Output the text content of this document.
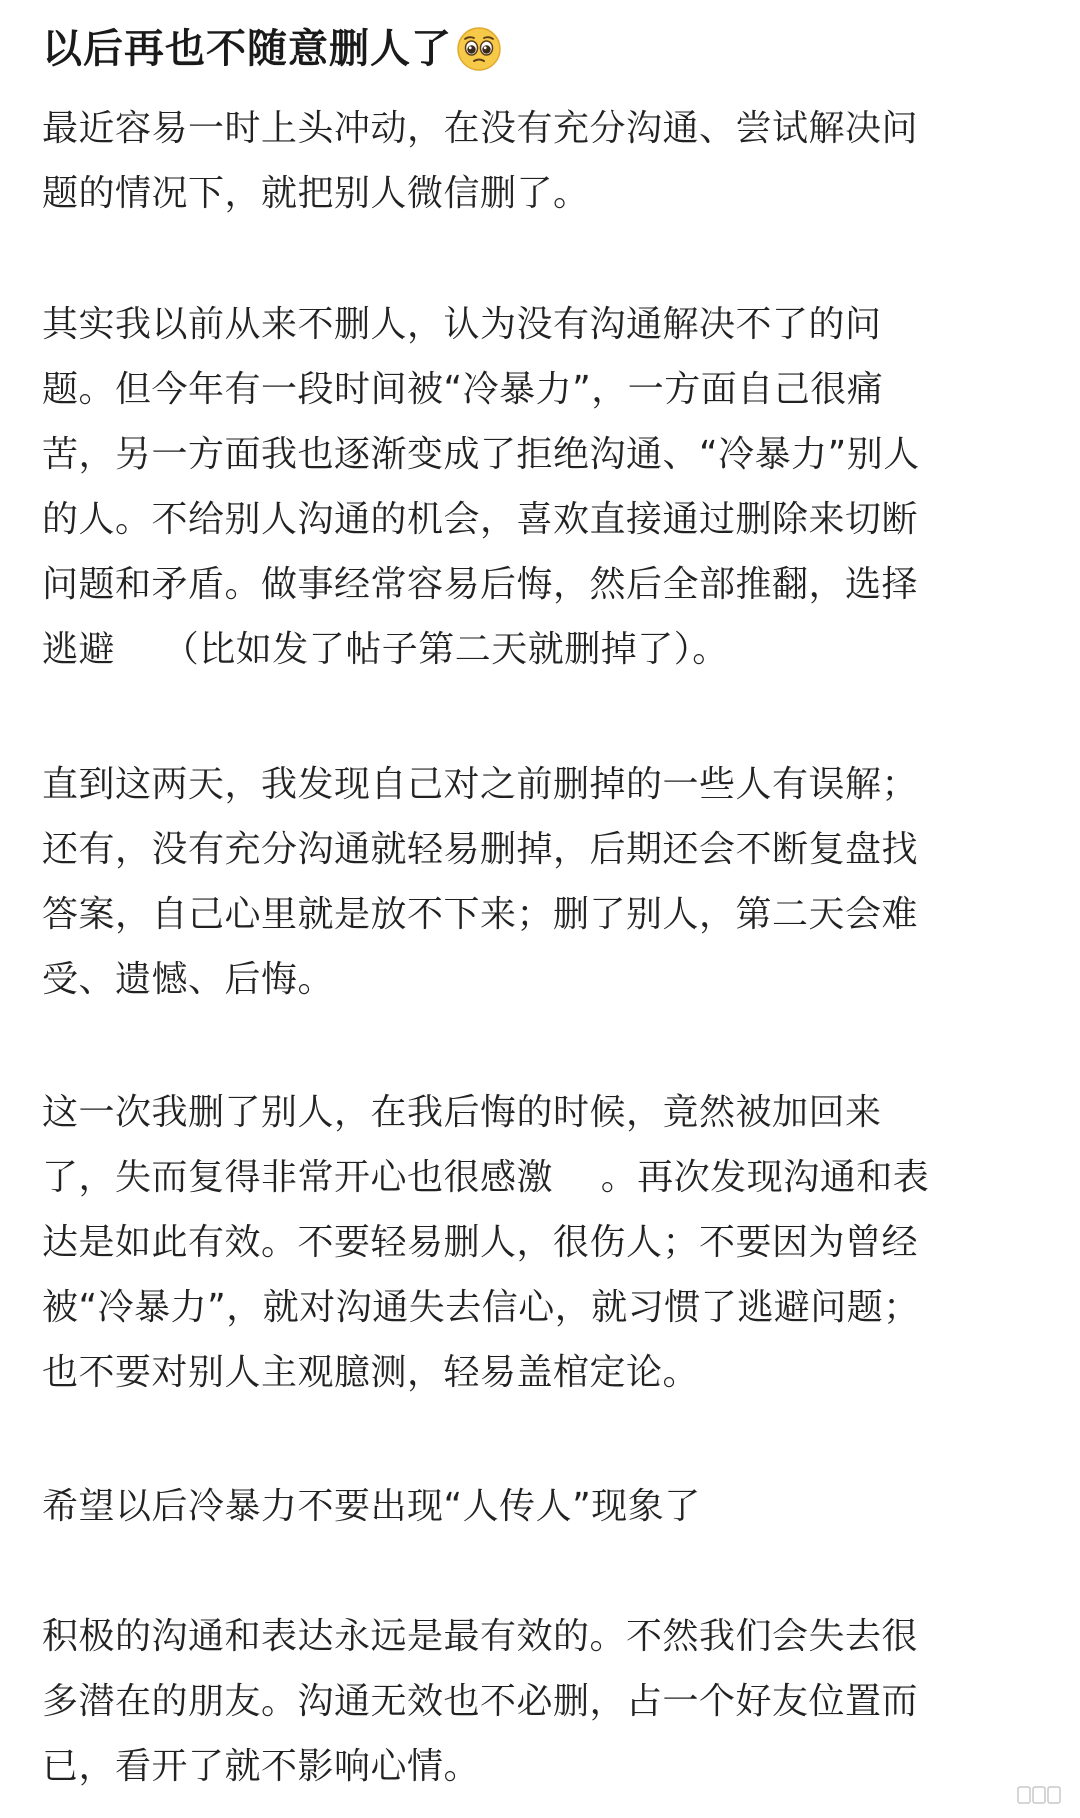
以后再也不随意删人了

最近容易一时上头冲动，在没有充分沟通、尝试解决问
题的情况下，就把别人微信删了。

其实我以前从来不删人，认为没有沟通解决不了的问
题。但今年有一段时间被“冷暴力”，一方面自己很痛
苦，另一方面我也逐渐变成了拒绝沟通、“冷暴力”别人
的人。不给别人沟通的机会，喜欢直接通过删除来切断
问题和矛盾。做事经常容易后悔，然后全部推翻，选择
逃避    （比如发了帖子第二天就删掉了）。

直到这两天，我发现自己对之前删掉的一些人有误解；
还有，没有充分沟通就轻易删掉，后期还会不断复盘找
答案，自己心里就是放不下来；删了别人，第二天会难
受、遗憾、后悔。

这一次我删了别人，在我后悔的时候，竟然被加回来
了，失而复得非常开心也很感激    。再次发现沟通和表
达是如此有效。不要轻易删人，很伤人；不要因为曾经
被“冷暴力”，就对沟通失去信心，就习惯了逃避问题；
也不要对别人主观臆测，轻易盖棺定论。

希望以后冷暴力不要出现“人传人”现象了

积极的沟通和表达永远是最有效的。不然我们会失去很
多潜在的朋友。沟通无效也不必删，占一个好友位置而
已，看开了就不影响心情。
